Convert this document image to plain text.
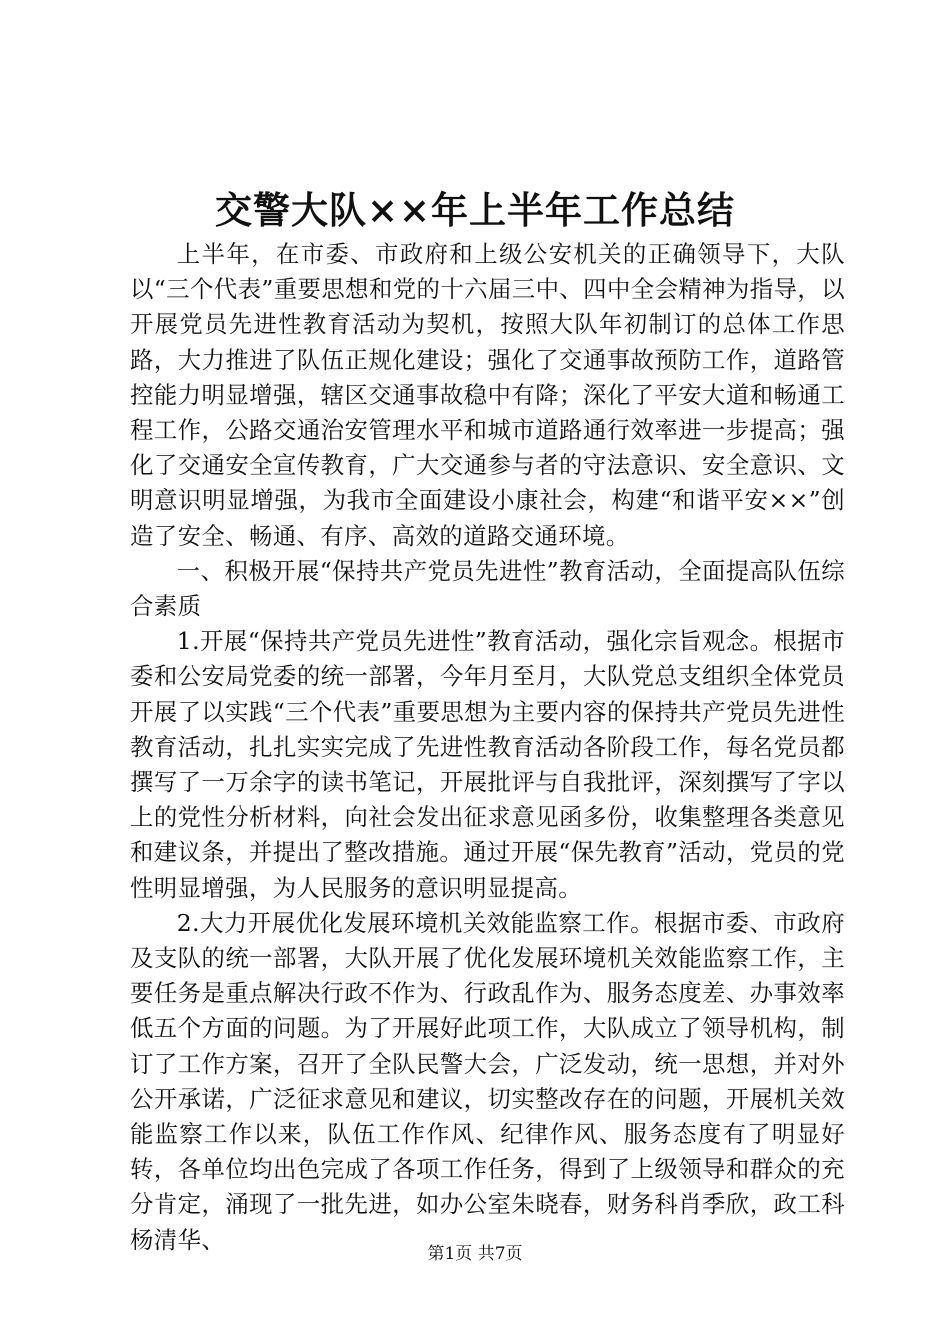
交警大队××年上半年工作总结

上半年，在市委、市政府和上级公安机关的正确领导下，大队以“三个代表”重要思想和党的十六届三中、四中全会精神为指导，以开展党员先进性教育活动为契机，按照大队年初制订的总体工作思路，大力推进了队伍正规化建设；强化了交通事故预防工作，道路管控能力明显增强，辖区交通事故稳中有降；深化了平安大道和畅通工程工作，公路交通治安管理水平和城市道路通行效率进一步提高；强化了交通安全宣传教育，广大交通参与者的守法意识、安全意识、文明意识明显增强，为我市全面建设小康社会，构建“和谐平安××”创造了安全、畅通、有序、高效的道路交通环境。

一、积极开展“保持共产党员先进性”教育活动，全面提高队伍综合素质

1.开展“保持共产党员先进性”教育活动，强化宗旨观念。根据市委和公安局党委的统一部署，今年月至月，大队党总支组织全体党员开展了以实践“三个代表”重要思想为主要内容的保持共产党员先进性教育活动，扎扎实实完成了先进性教育活动各阶段工作，每名党员都撰写了一万余字的读书笔记，开展批评与自我批评，深刻撰写了字以上的党性分析材料，向社会发出征求意见函多份，收集整理各类意见和建议条，并提出了整改措施。通过开展“保先教育”活动，党员的党性明显增强，为人民服务的意识明显提高。

2.大力开展优化发展环境机关效能监察工作。根据市委、市政府及支队的统一部署，大队开展了优化发展环境机关效能监察工作，主要任务是重点解决行政不作为、行政乱作为、服务态度差、办事效率低五个方面的问题。为了开展好此项工作，大队成立了领导机构，制订了工作方案，召开了全队民警大会，广泛发动，统一思想，并对外公开承诺，广泛征求意见和建议，切实整改存在的问题，开展机关效能监察工作以来，队伍工作作风、纪律作风、服务态度有了明显好转，各单位均出色完成了各项工作任务，得到了上级领导和群众的充分肯定，涌现了一批先进，如办公室朱晓春，财务科肖季欣，政工科杨清华、

第1页 共7页
